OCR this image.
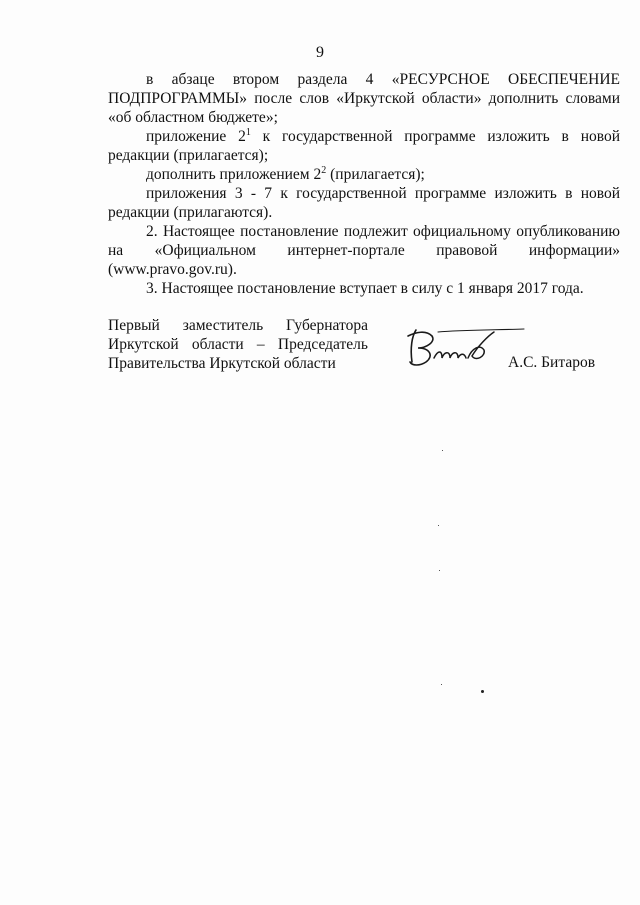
9
в абзаце втором раздела 4 «РЕСУРСНОЕ ОБЕСПЕЧЕНИЕ
ПОДПРОГРАММЫ» после слов «Иркутской области» дополнить словами
«об областном бюджете»;
приложение $2^1$ к государственной программе изложить в новой
редакции (прилагается);
дополнить приложением $2^2$ (прилагается);
приложения 3 - 7 к государственной программе изложить в новой
редакции (прилагаются).
2. Настоящее постановление подлежит официальному опубликованию
на «Официальном интернет-портале правовой информации»
(www.pravo.gov.ru).
3. Настоящее постановление вступает в силу с 1 января 2017 года.
Первый заместитель Губернатора
Иркутской области – Председатель
Правительства Иркутской области	А.С. Битаров
